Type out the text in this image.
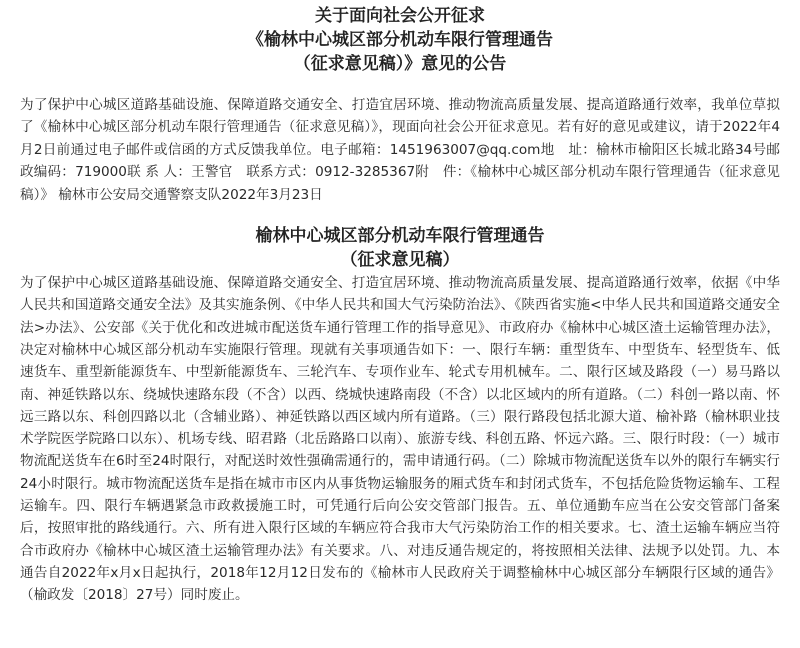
关于面向社会公开征求
《榆林中心城区部分机动车限行管理通告
（征求意见稿）》意见的公告
为了保护中心城区道路基础设施、保障道路交通安全、打造宜居环境、推动物流高质量发展、提高道路通行效率，我单位草拟了《榆林中心城区部分机动车限行管理通告（征求意见稿）》，现面向社会公开征求意见。若有好的意见或建议，请于2022年4月2日前通过电子邮件或信函的方式反馈我单位。电子邮箱：1451963007@qq.com地　址：榆林市榆阳区长城北路34号邮政编码：719000联 系 人：王警官　联系方式：0912-3285367附　件：《榆林中心城区部分机动车限行管理通告（征求意见稿）》 榆林市公安局交通警察支队2022年3月23日
榆林中心城区部分机动车限行管理通告
（征求意见稿）
为了保护中心城区道路基础设施、保障道路交通安全、打造宜居环境、推动物流高质量发展、提高道路通行效率，依据《中华人民共和国道路交通安全法》及其实施条例、《中华人民共和国大气污染防治法》、《陕西省实施<中华人民共和国道路交通安全法>办法》、公安部《关于优化和改进城市配送货车通行管理工作的指导意见》、市政府办《榆林中心城区渣土运输管理办法》，决定对榆林中心城区部分机动车实施限行管理。现就有关事项通告如下：一、限行车辆：重型货车、中型货车、轻型货车、低速货车、重型新能源货车、中型新能源货车、三轮汽车、专项作业车、轮式专用机械车。二、限行区域及路段（一）易马路以南、神延铁路以东、绕城快速路东段（不含）以西、绕城快速路南段（不含）以北区域内的所有道路。（二）科创一路以南、怀远三路以东、科创四路以北（含辅业路）、神延铁路以西区域内所有道路。（三）限行路段包括北源大道、榆补路（榆林职业技术学院医学院路口以东）、机场专线、昭君路（北岳路路口以南）、旅游专线、科创五路、怀远六路。三、限行时段：（一）城市物流配送货车在6时至24时限行，对配送时效性强确需通行的，需申请通行码。（二）除城市物流配送货车以外的限行车辆实行24小时限行。城市物流配送货车是指在城市市区内从事货物运输服务的厢式货车和封闭式货车，不包括危险货物运输车、工程运输车。四、限行车辆遇紧急市政救援施工时，可凭通行后向公安交管部门报告。五、单位通勤车应当在公安交管部门备案后，按照审批的路线通行。六、所有进入限行区域的车辆应符合我市大气污染防治工作的相关要求。七、渣土运输车辆应当符合市政府办《榆林中心城区渣土运输管理办法》有关要求。八、对违反通告规定的，将按照相关法律、法规予以处罚。九、本通告自2022年x月x日起执行，2018年12月12日发布的《榆林市人民政府关于调整榆林中心城区部分车辆限行区域的通告》（榆政发〔2018〕27号）同时废止。
